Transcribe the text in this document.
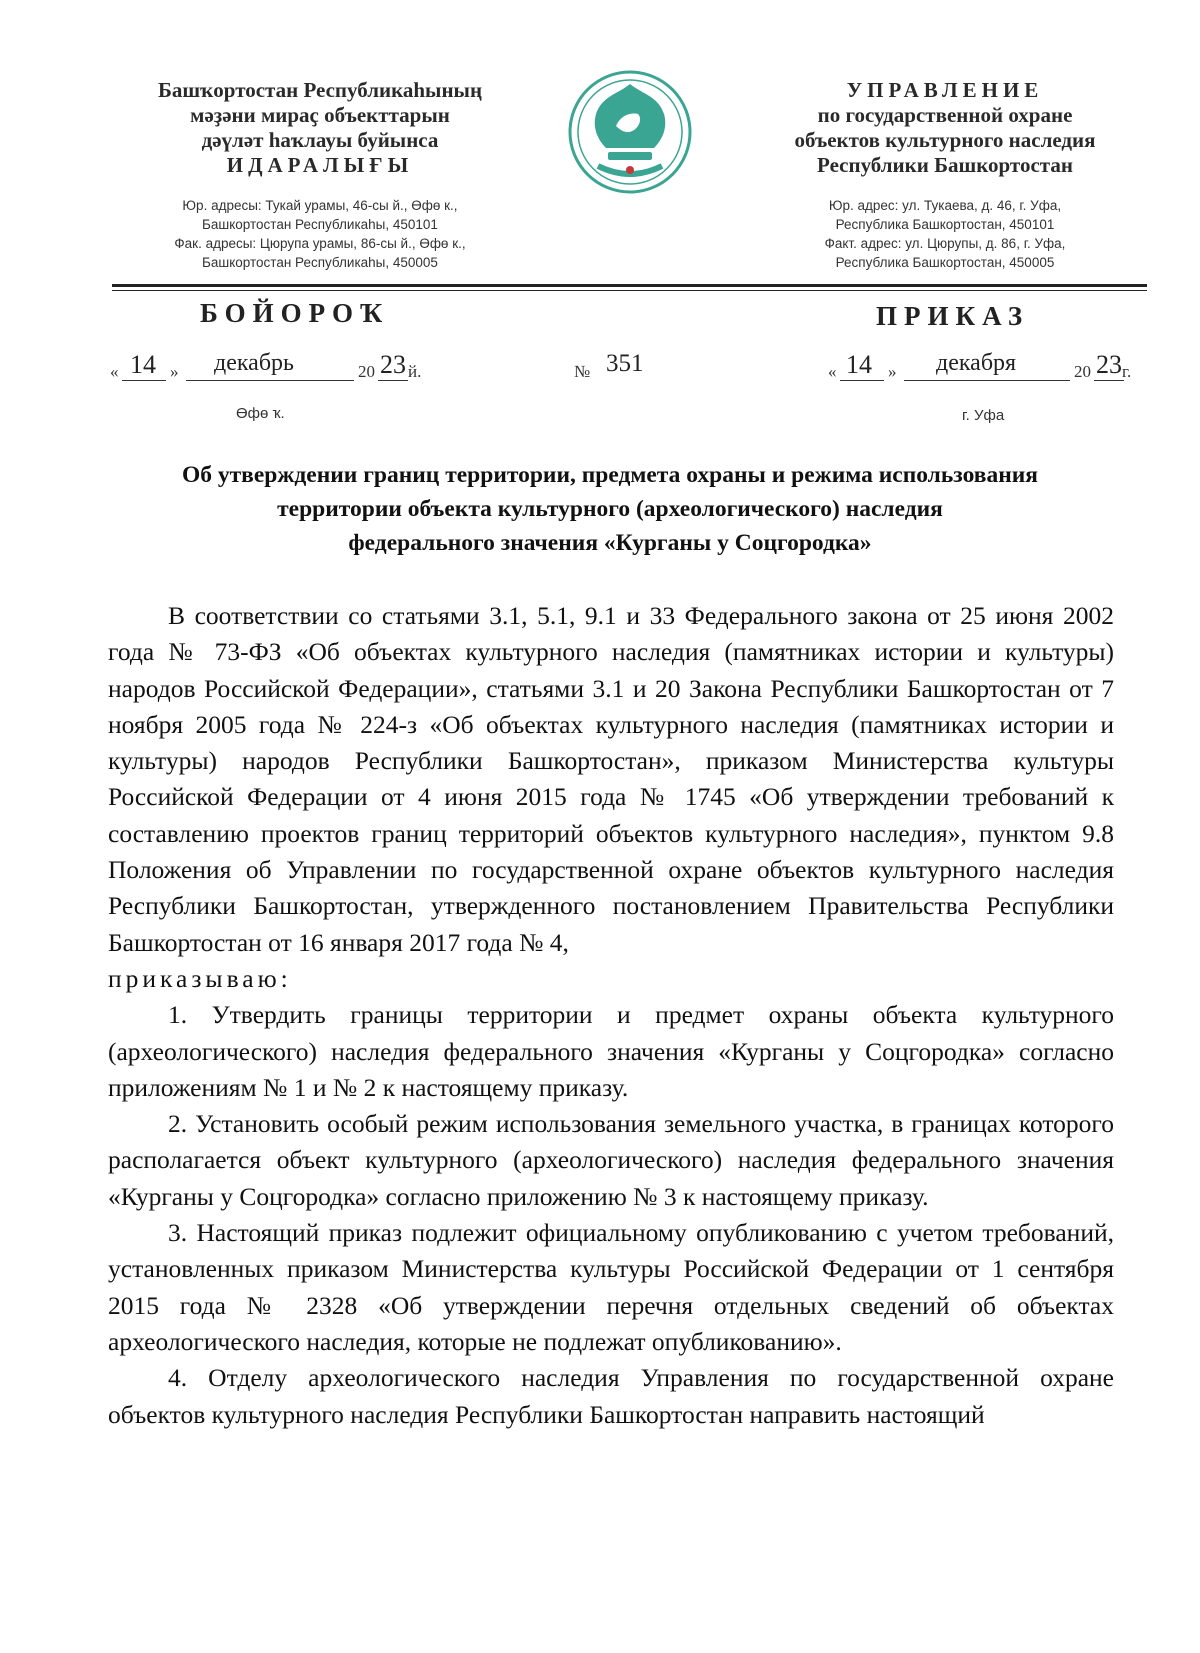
Башҡортостан Республикаһының
мәҙәни мираҫ объекттарын
дәүләт һаҡлауы буйынса
ИДАРАЛЫҒЫ
Юр. адресы: Тукай урамы, 46-сы й., Өфө к.,
Башкортостан Республикаһы, 450101
Фак. адресы: Цюрупа урамы, 86-сы й., Өфө к.,
Башкортостан Республикаһы, 450005
УПРАВЛЕНИЕ
по государственной охране
объектов культурного наследия
Республики Башкортостан
Юр. адрес: ул. Тукаева, д. 46, г. Уфа,
Республика Башкортостан, 450101
Факт. адрес: ул. Цюрупы, д. 86, г. Уфа,
Республика Башкортостан, 450005
БОЙОРОҠ	ПРИКАЗ
« 14 » декабрь	20 23 й.	№ 351	« 14 » декабря	20 23 г.
Өфө ҡ.	г. Уфа
Об утверждении границ территории, предмета охраны и режима использования
территории объекта культурного (археологического) наследия
федерального значения «Курганы у Соцгородка»

В соответствии со статьями 3.1, 5.1, 9.1 и 33 Федерального закона от 25 июня 2002 года № 73-ФЗ «Об объектах культурного наследия (памятниках истории и культуры) народов Российской Федерации», статьями 3.1 и 20 Закона Республики Башкортостан от 7 ноября 2005 года № 224-з «Об объектах культурного наследия (памятниках истории и культуры) народов Республики Башкортостан», приказом Министерства культуры Российской Федерации от 4 июня 2015 года № 1745 «Об утверждении требований к составлению проектов границ территорий объектов культурного наследия», пунктом 9.8 Положения об Управлении по государственной охране объектов культурного наследия Республики Башкортостан, утвержденного постановлением Правительства Республики Башкортостан от 16 января 2017 года № 4,

приказываю:

1. Утвердить границы территории и предмет охраны объекта культурного (археологического) наследия федерального значения «Курганы у Соцгородка» согласно приложениям № 1 и № 2 к настоящему приказу.

2. Установить особый режим использования земельного участка, в границах которого располагается объект культурного (археологического) наследия федерального значения «Курганы у Соцгородка» согласно приложению № 3 к настоящему приказу.

3. Настоящий приказ подлежит официальному опубликованию с учетом требований, установленных приказом Министерства культуры Российской Федерации от 1 сентября 2015 года № 2328 «Об утверждении перечня отдельных сведений об объектах археологического наследия, которые не подлежат опубликованию».

4. Отделу археологического наследия Управления по государственной охране объектов культурного наследия Республики Башкортостан направить настоящий
